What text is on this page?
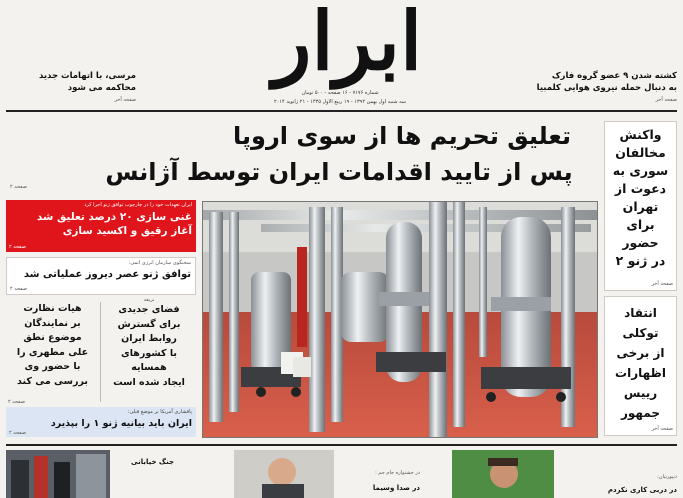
ابرار
شماره ۷۱۷۶ - ۱۶ صفحه - ۵۰۰ تومان
سه شنبه اول بهمن ۱۳۹۲ - ۱۹ ربیع الاول ۱۴۳۵ - ۲۱ ژانویه ۲۰۱۴
کشته شدن ۹ عضو گروه فارک
به دنبال حمله نیروی هوایی کلمبیا
صفحه آخر
مرسی، با اتهامات جدید
محاکمه می شود
صفحه آخر
واکنش
مخالفان
سوری به
دعوت از
تهران برای
حضور
در ژنو ۲
صفحه آخر
انتقاد
توکلی
از برخی
اظهارات
رییس جمهور
صفحه آخر
تعلیق تحریم ها از سوی اروپا
پس از تایید اقدامات ایران توسط آژانس
صفحه ۲
ایران تعهدات خود را در چارچوب توافق ژنو اجرا کرد
غنی سازی ۲۰ درصد تعلیق شد
آغاز رقیق و اکسید سازی
صفحه ۲
سخنگوی سازمان انرژی اتمی:
توافق ژنو عصر دیروز عملیاتی شد
صفحه ۲
هیات نظارت
بر نمایندگان
موضوع نطق
علی مطهری را
با حضور وی
بررسی می کند
صفحه ۲
نریفه
فضای جدیدی
برای گسترش
روابط ایران
با کشورهای
همسایه
ایجاد شده است
پافشاری آمریکا بر موضع قبلی:
ایران باید بیانیه ژنو ۱ را بپذیرد
صفحه ۲
جنگ خیابانی
در جشنواره جام جم :
در صدا وسیما
دیپورتیان:
در دربی کاری نکردم
